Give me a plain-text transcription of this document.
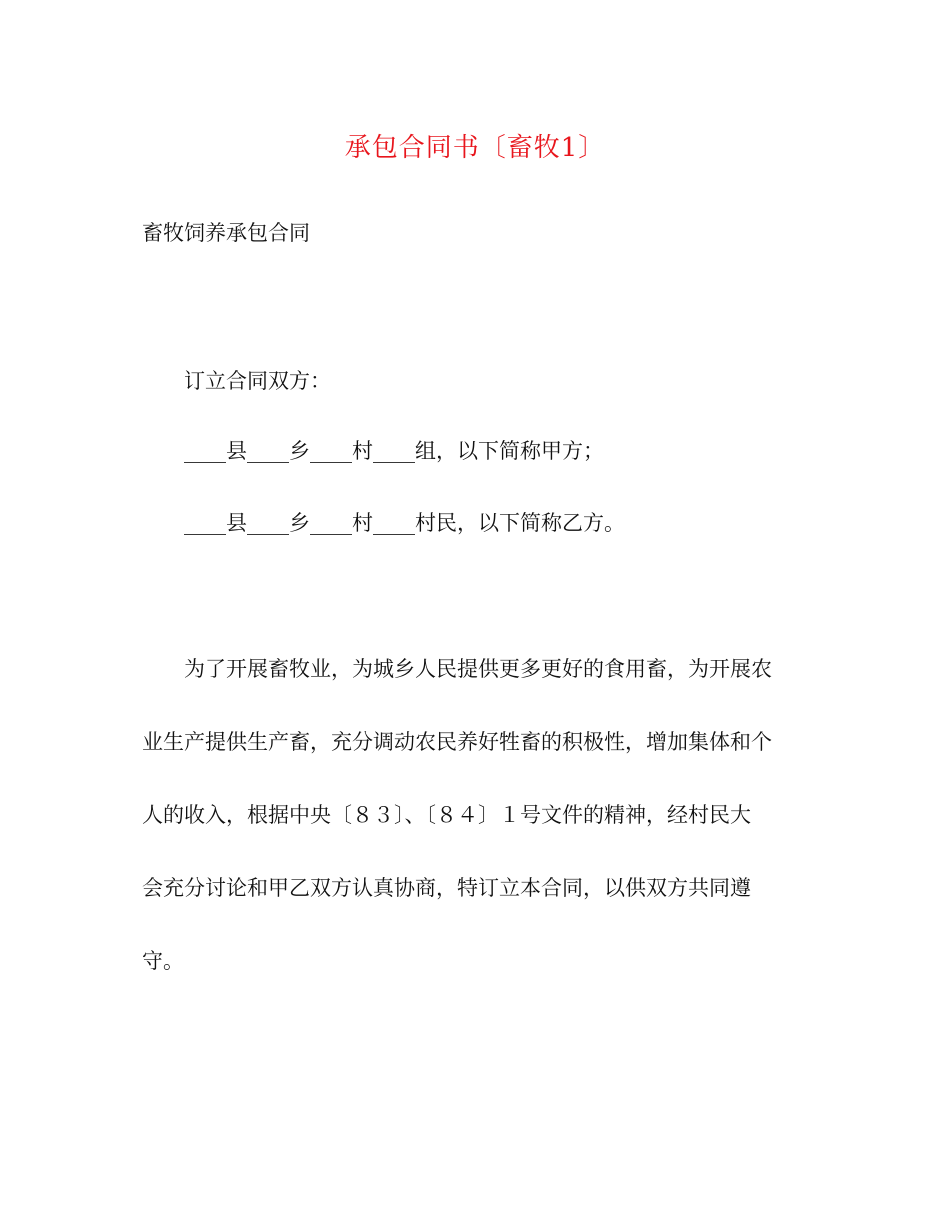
承包合同书〔畜牧1〕
畜牧饲养承包合同
订立合同双方：
____县____乡____村____组，以下简称甲方；
____县____乡____村____村民，以下简称乙方。
为了开展畜牧业，为城乡人民提供更多更好的食用畜，为开展农
业生产提供生产畜，充分调动农民养好牲畜的积极性，增加集体和个
人的收入，根据中央〔８３〕、〔８４〕１号文件的精神，经村民大
会充分讨论和甲乙双方认真协商，特订立本合同，以供双方共同遵
守。
